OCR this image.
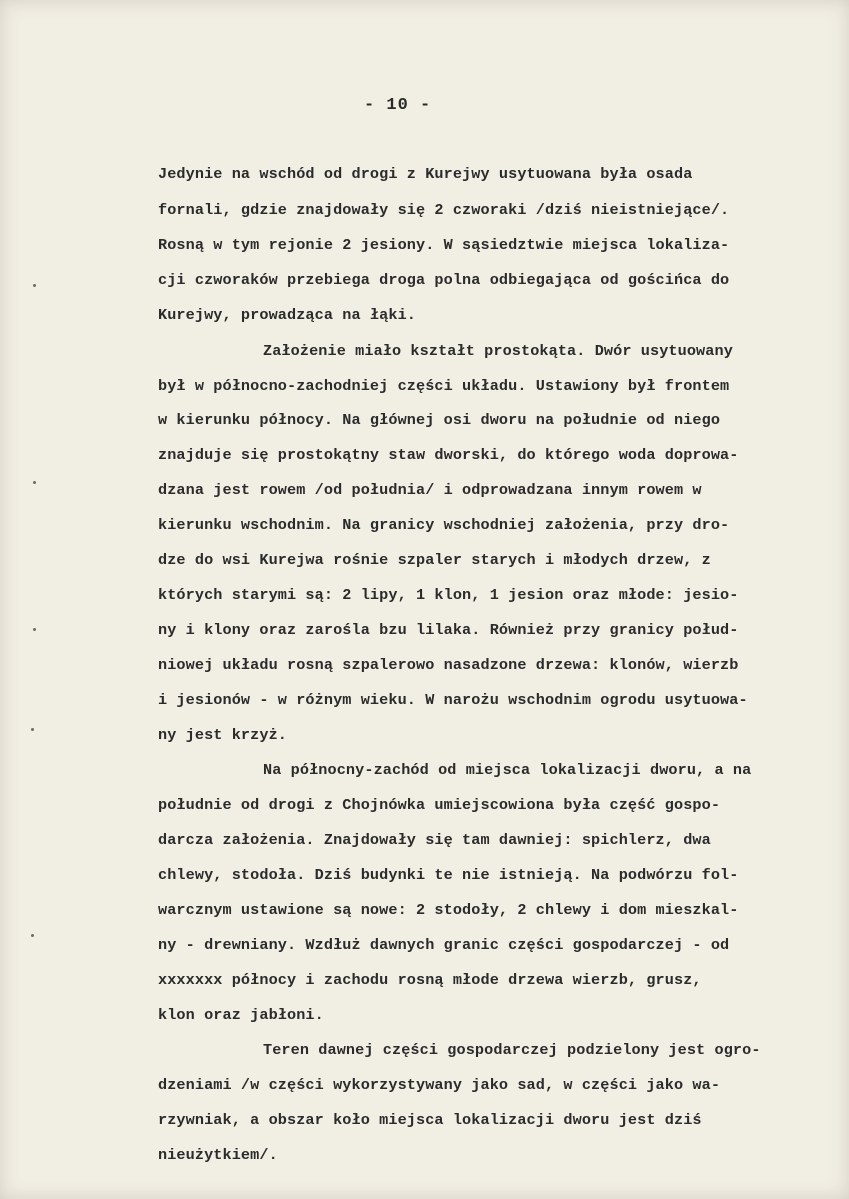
- 10 -
Jedynie na wschód od drogi z Kurejwy usytuowana była osada
fornali, gdzie znajdowały się 2 czworaki /dziś nieistniejące/.
Rosną w tym rejonie 2 jesiony. W sąsiedztwie miejsca lokaliza-
cji czworaków przebiega droga polna odbiegająca od gościńca do
Kurejwy, prowadząca na łąki.
Założenie miało kształt prostokąta. Dwór usytuowany
był w północno-zachodniej części układu. Ustawiony był frontem
w kierunku północy. Na głównej osi dworu na południe od niego
znajduje się prostokątny staw dworski, do którego woda doprowa-
dzana jest rowem /od południa/ i odprowadzana innym rowem w
kierunku wschodnim. Na granicy wschodniej założenia, przy dro-
dze do wsi Kurejwa rośnie szpaler starych i młodych drzew, z
których starymi są: 2 lipy, 1 klon, 1 jesion oraz młode: jesio-
ny i klony oraz zarośla bzu lilaka. Również przy granicy połud-
niowej układu rosną szpalerowo nasadzone drzewa: klonów, wierzb
i jesionów - w różnym wieku. W narożu wschodnim ogrodu usytuowa-
ny jest krzyż.
Na północny-zachód od miejsca lokalizacji dworu, a na
południe od drogi z Chojnówka umiejscowiona była część gospo-
darcza założenia. Znajdowały się tam dawniej: spichlerz, dwa
chlewy, stodoła. Dziś budynki te nie istnieją. Na podwórzu fol-
warcznym ustawione są nowe: 2 stodoły, 2 chlewy i dom mieszkal-
ny - drewniany. Wzdłuż dawnych granic części gospodarczej - od
xxxxxxx północy i zachodu rosną młode drzewa wierzb, grusz,
klon oraz jabłoni.
Teren dawnej części gospodarczej podzielony jest ogro-
dzeniami /w części wykorzystywany jako sad, w części jako wa-
rzywniak, a obszar koło miejsca lokalizacji dworu jest dziś
nieużytkiem/.
